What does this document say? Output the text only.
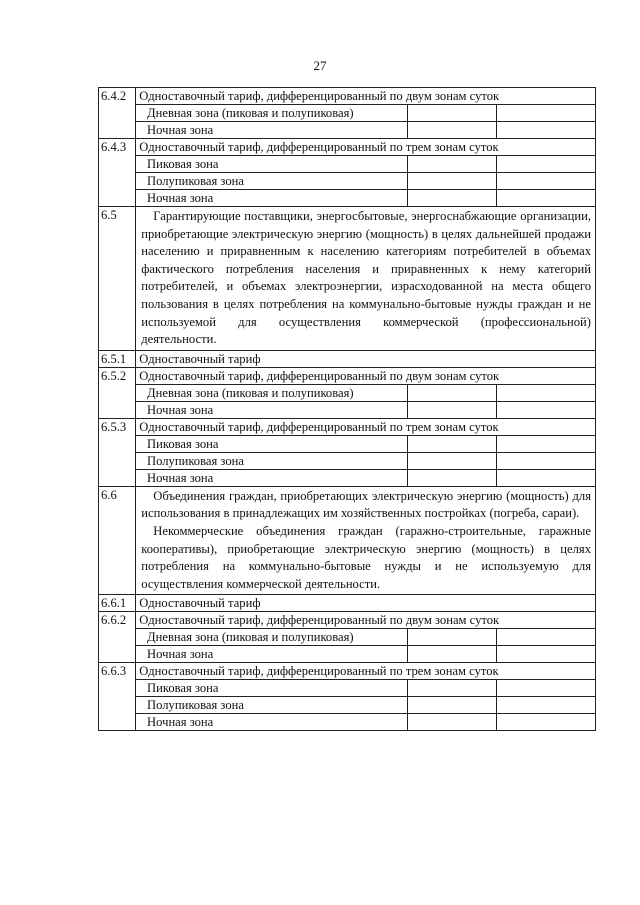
27
6.4.2	Одноставочный тариф, дифференцированный по двум зонам суток			
		Дневная зона (пиковая и полупиковая)		
		Ночная зона		
6.4.3	Одноставочный тариф, дифференцированный по трем зонам суток			
		Пиковая зона		
		Полупиковая зона		
		Ночная зона		
6.5	Гарантирующие поставщики, энергосбытовые, энергоснабжающие организации, приобретающие электрическую энергию (мощность) в целях дальнейшей продажи населению и приравненным к населению категориям потребителей в объемах фактического потребления населения и приравненных к нему категорий потребителей, и объемах электроэнергии, израсходованной на места общего пользования в целях потребления на коммунально-бытовые нужды граждан и не используемой для осуществления коммерческой (профессиональной) деятельности.			

6.5.1	Одноставочный тариф			
6.5.2	Одноставочный тариф, дифференцированный по двум зонам суток			
		Дневная зона (пиковая и полупиковая)		
		Ночная зона		
6.5.3	Одноставочный тариф, дифференцированный по трем зонам суток			
		Пиковая зона		
		Полупиковая зона		
		Ночная зона		
6.6	Объединения граждан, приобретающих электрическую энергию (мощность) для использования в принадлежащих им хозяйственных постройках (погреба, сараи).

Некоммерческие объединения граждан (гаражно-строительные, гаражные кооперативы), приобретающие электрическую энергию (мощность) в целях потребления на коммунально-бытовые нужды и не используемую для осуществления коммерческой деятельности.			

6.6.1	Одноставочный тариф			
6.6.2	Одноставочный тариф, дифференцированный по двум зонам суток			
		Дневная зона (пиковая и полупиковая)		
		Ночная зона		
6.6.3	Одноставочный тариф, дифференцированный по трем зонам суток			
		Пиковая зона		
		Полупиковая зона		
		Ночная зона		
